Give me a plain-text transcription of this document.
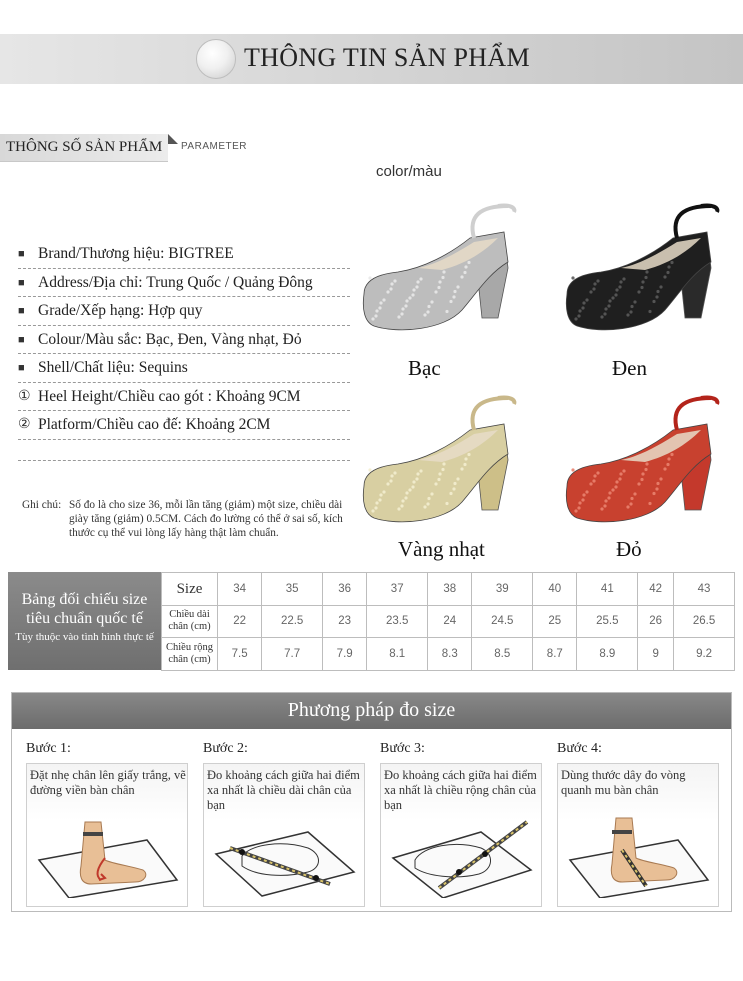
THÔNG TIN SẢN PHẨM
THÔNG SỐ SẢN PHẨM PARAMETER
color/màu
■ Brand/Thương hiệu: BIGTREE
■ Address/Địa chỉ: Trung Quốc / Quảng Đông
■ Grade/Xếp hạng: Hợp quy
■ Colour/Màu sắc: Bạc, Đen, Vàng nhạt, Đỏ
■ Shell/Chất liệu: Sequins
① Heel Height/Chiều cao gót : Khoảng 9CM
② Platform/Chiều cao đế: Khoảng 2CM
Ghi chú: Số đo là cho size 36, mỗi lần tăng (giảm) một size, chiều dài giày tăng (giảm) 0.5CM. Cách đo lường có thể ở sai số, kích thước cụ thể vui lòng lấy hàng thật làm chuẩn.
Bạc	Đen
Vàng nhạt	Đỏ
Bảng đối chiếu size
tiêu chuẩn quốc tế
Tùy thuộc vào tình hình thực tế
Size	34	35	36	37	38	39	40	41	42	43
Chiều dài chân (cm)	22	22.5	23	23.5	24	24.5	25	25.5	26	26.5
Chiều rộng chân (cm)	7.5	7.7	7.9	8.1	8.3	8.5	8.7	8.9	9	9.2
Phương pháp đo size
Bước 1:
Đặt nhẹ chân lên giấy trắng, vẽ đường viền bàn chân
Bước 2:
Đo khoảng cách giữa hai điểm xa nhất là chiều dài chân của bạn
Bước 3:
Đo khoảng cách giữa hai điểm xa nhất là chiều rộng chân của bạn
Bước 4:
Dùng thước dây đo vòng quanh mu bàn chân
